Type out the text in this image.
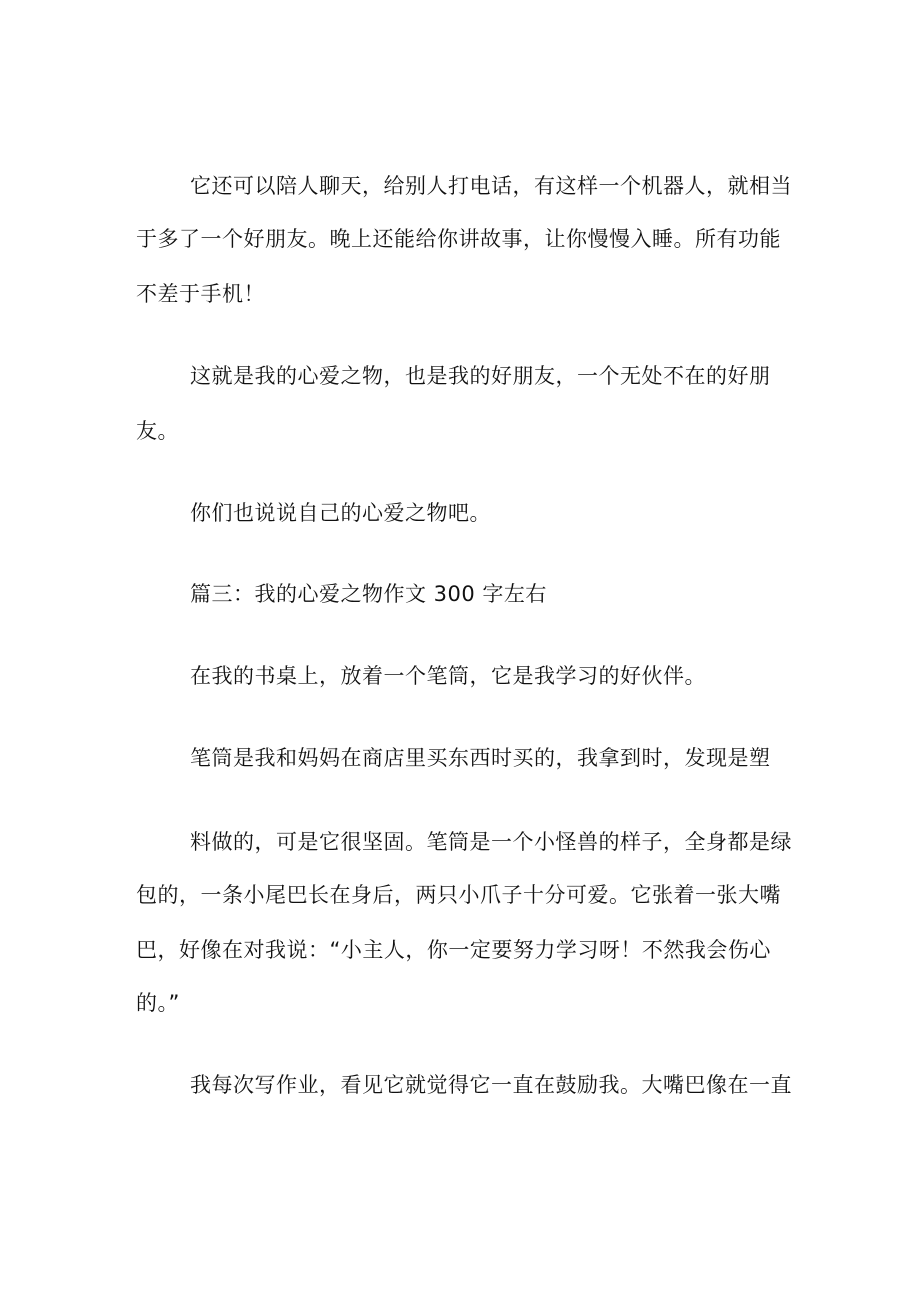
它还可以陪人聊天，给别人打电话，有这样一个机器人，就相当
于多了一个好朋友。晚上还能给你讲故事，让你慢慢入睡。所有功能
不差于手机！
这就是我的心爱之物，也是我的好朋友，一个无处不在的好朋
友。
你们也说说自己的心爱之物吧。
篇三：我的心爱之物作文 300 字左右
在我的书桌上，放着一个笔筒，它是我学习的好伙伴。
笔筒是我和妈妈在商店里买东西时买的，我拿到时，发现是塑
料做的，可是它很坚固。笔筒是一个小怪兽的样子，全身都是绿
包的，一条小尾巴长在身后，两只小爪子十分可爱。它张着一张大嘴
巴，好像在对我说：“小主人，你一定要努力学习呀！不然我会伤心
的。”
我每次写作业，看见它就觉得它一直在鼓励我。大嘴巴像在一直
